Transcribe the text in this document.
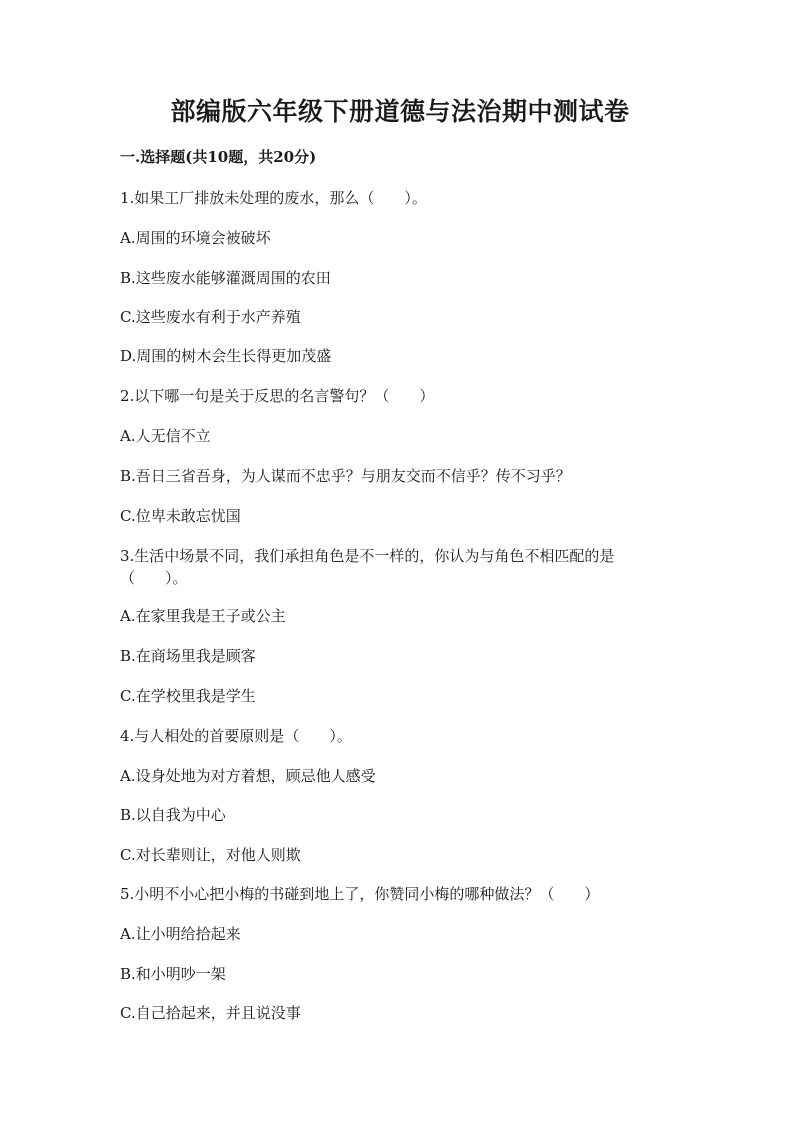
部编版六年级下册道德与法治期中测试卷
一.选择题(共10题，共20分)
1.如果工厂排放未处理的废水，那么（　　）。
A.周围的环境会被破坏
B.这些废水能够灌溉周围的农田
C.这些废水有利于水产养殖
D.周围的树木会生长得更加茂盛
2.以下哪一句是关于反思的名言警句？（　　）
A.人无信不立
B.吾日三省吾身，为人谋而不忠乎？与朋友交而不信乎？传不习乎？
C.位卑未敢忘忧国
3.生活中场景不同，我们承担角色是不一样的，你认为与角色不相匹配的是
（　　）。
A.在家里我是王子或公主
B.在商场里我是顾客
C.在学校里我是学生
4.与人相处的首要原则是（　　）。
A.设身处地为对方着想，顾忌他人感受
B.以自我为中心
C.对长辈则让，对他人则欺
5.小明不小心把小梅的书碰到地上了，你赞同小梅的哪种做法？（　　）
A.让小明给拾起来
B.和小明吵一架
C.自己拾起来，并且说没事
